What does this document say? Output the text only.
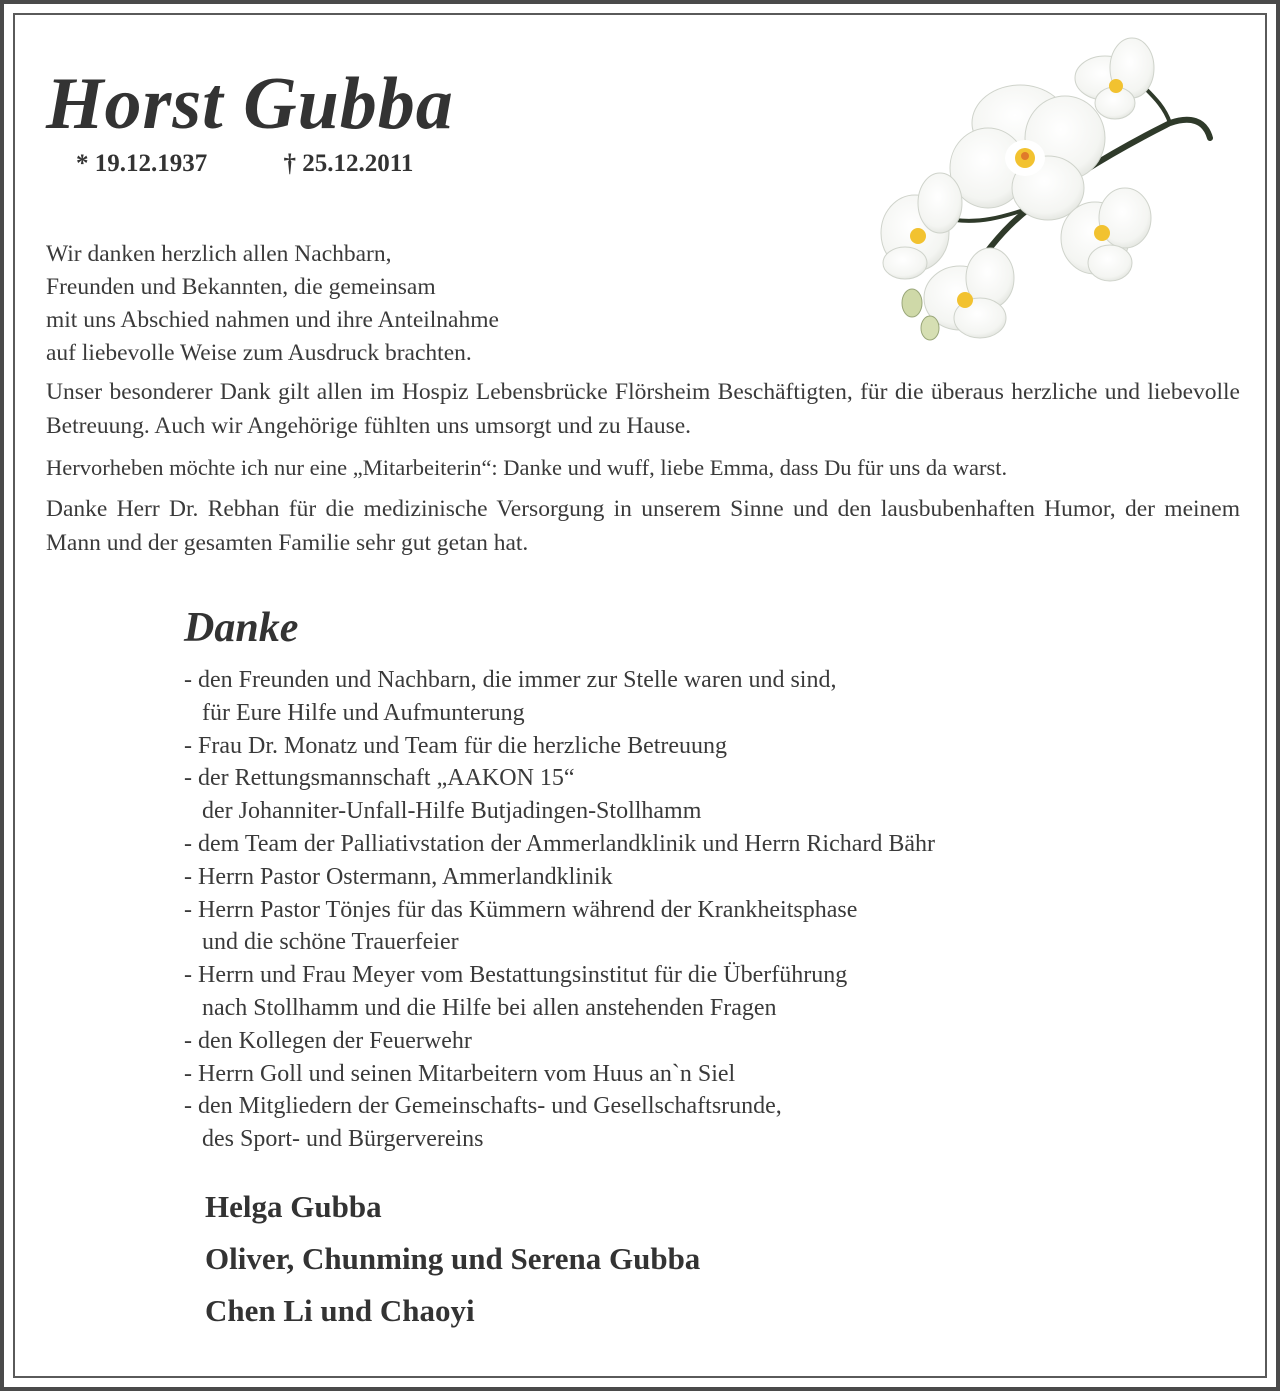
Horst Gubba
* 19.12.1937	† 25.12.2011
Wir danken herzlich allen Nachbarn,
Freunden und Bekannten, die gemeinsam
mit uns Abschied nahmen und ihre Anteilnahme
auf liebevolle Weise zum Ausdruck brachten.
Unser besonderer Dank gilt allen im Hospiz Lebensbrücke Flörsheim Beschäftigten, für die überaus herzliche und liebevolle Betreuung. Auch wir Angehörige fühlten uns umsorgt und zu Hause.
Hervorheben möchte ich nur eine „Mitarbeiterin“: Danke und wuff, liebe Emma, dass Du für uns da warst.
Danke Herr Dr. Rebhan für die medizinische Versorgung in unserem Sinne und den lausbubenhaften Humor, der meinem Mann und der gesamten Familie sehr gut getan hat.
Danke
- den Freunden und Nachbarn, die immer zur Stelle waren und sind,
für Eure Hilfe und Aufmunterung
- Frau Dr. Monatz und Team für die herzliche Betreuung
- der Rettungsmannschaft „AAKON 15“
der Johanniter-Unfall-Hilfe Butjadingen-Stollhamm
- dem Team der Palliativstation der Ammerlandklinik und Herrn Richard Bähr
- Herrn Pastor Ostermann, Ammerlandklinik
- Herrn Pastor Tönjes für das Kümmern während der Krankheitsphase
und die schöne Trauerfeier
- Herrn und Frau Meyer vom Bestattungsinstitut für die Überführung
nach Stollhamm und die Hilfe bei allen anstehenden Fragen
- den Kollegen der Feuerwehr
- Herrn Goll und seinen Mitarbeitern vom Huus an`n Siel
- den Mitgliedern der Gemeinschafts- und Gesellschaftsrunde,
des Sport- und Bürgervereins
Helga Gubba
Oliver, Chunming und Serena Gubba
Chen Li und Chaoyi
